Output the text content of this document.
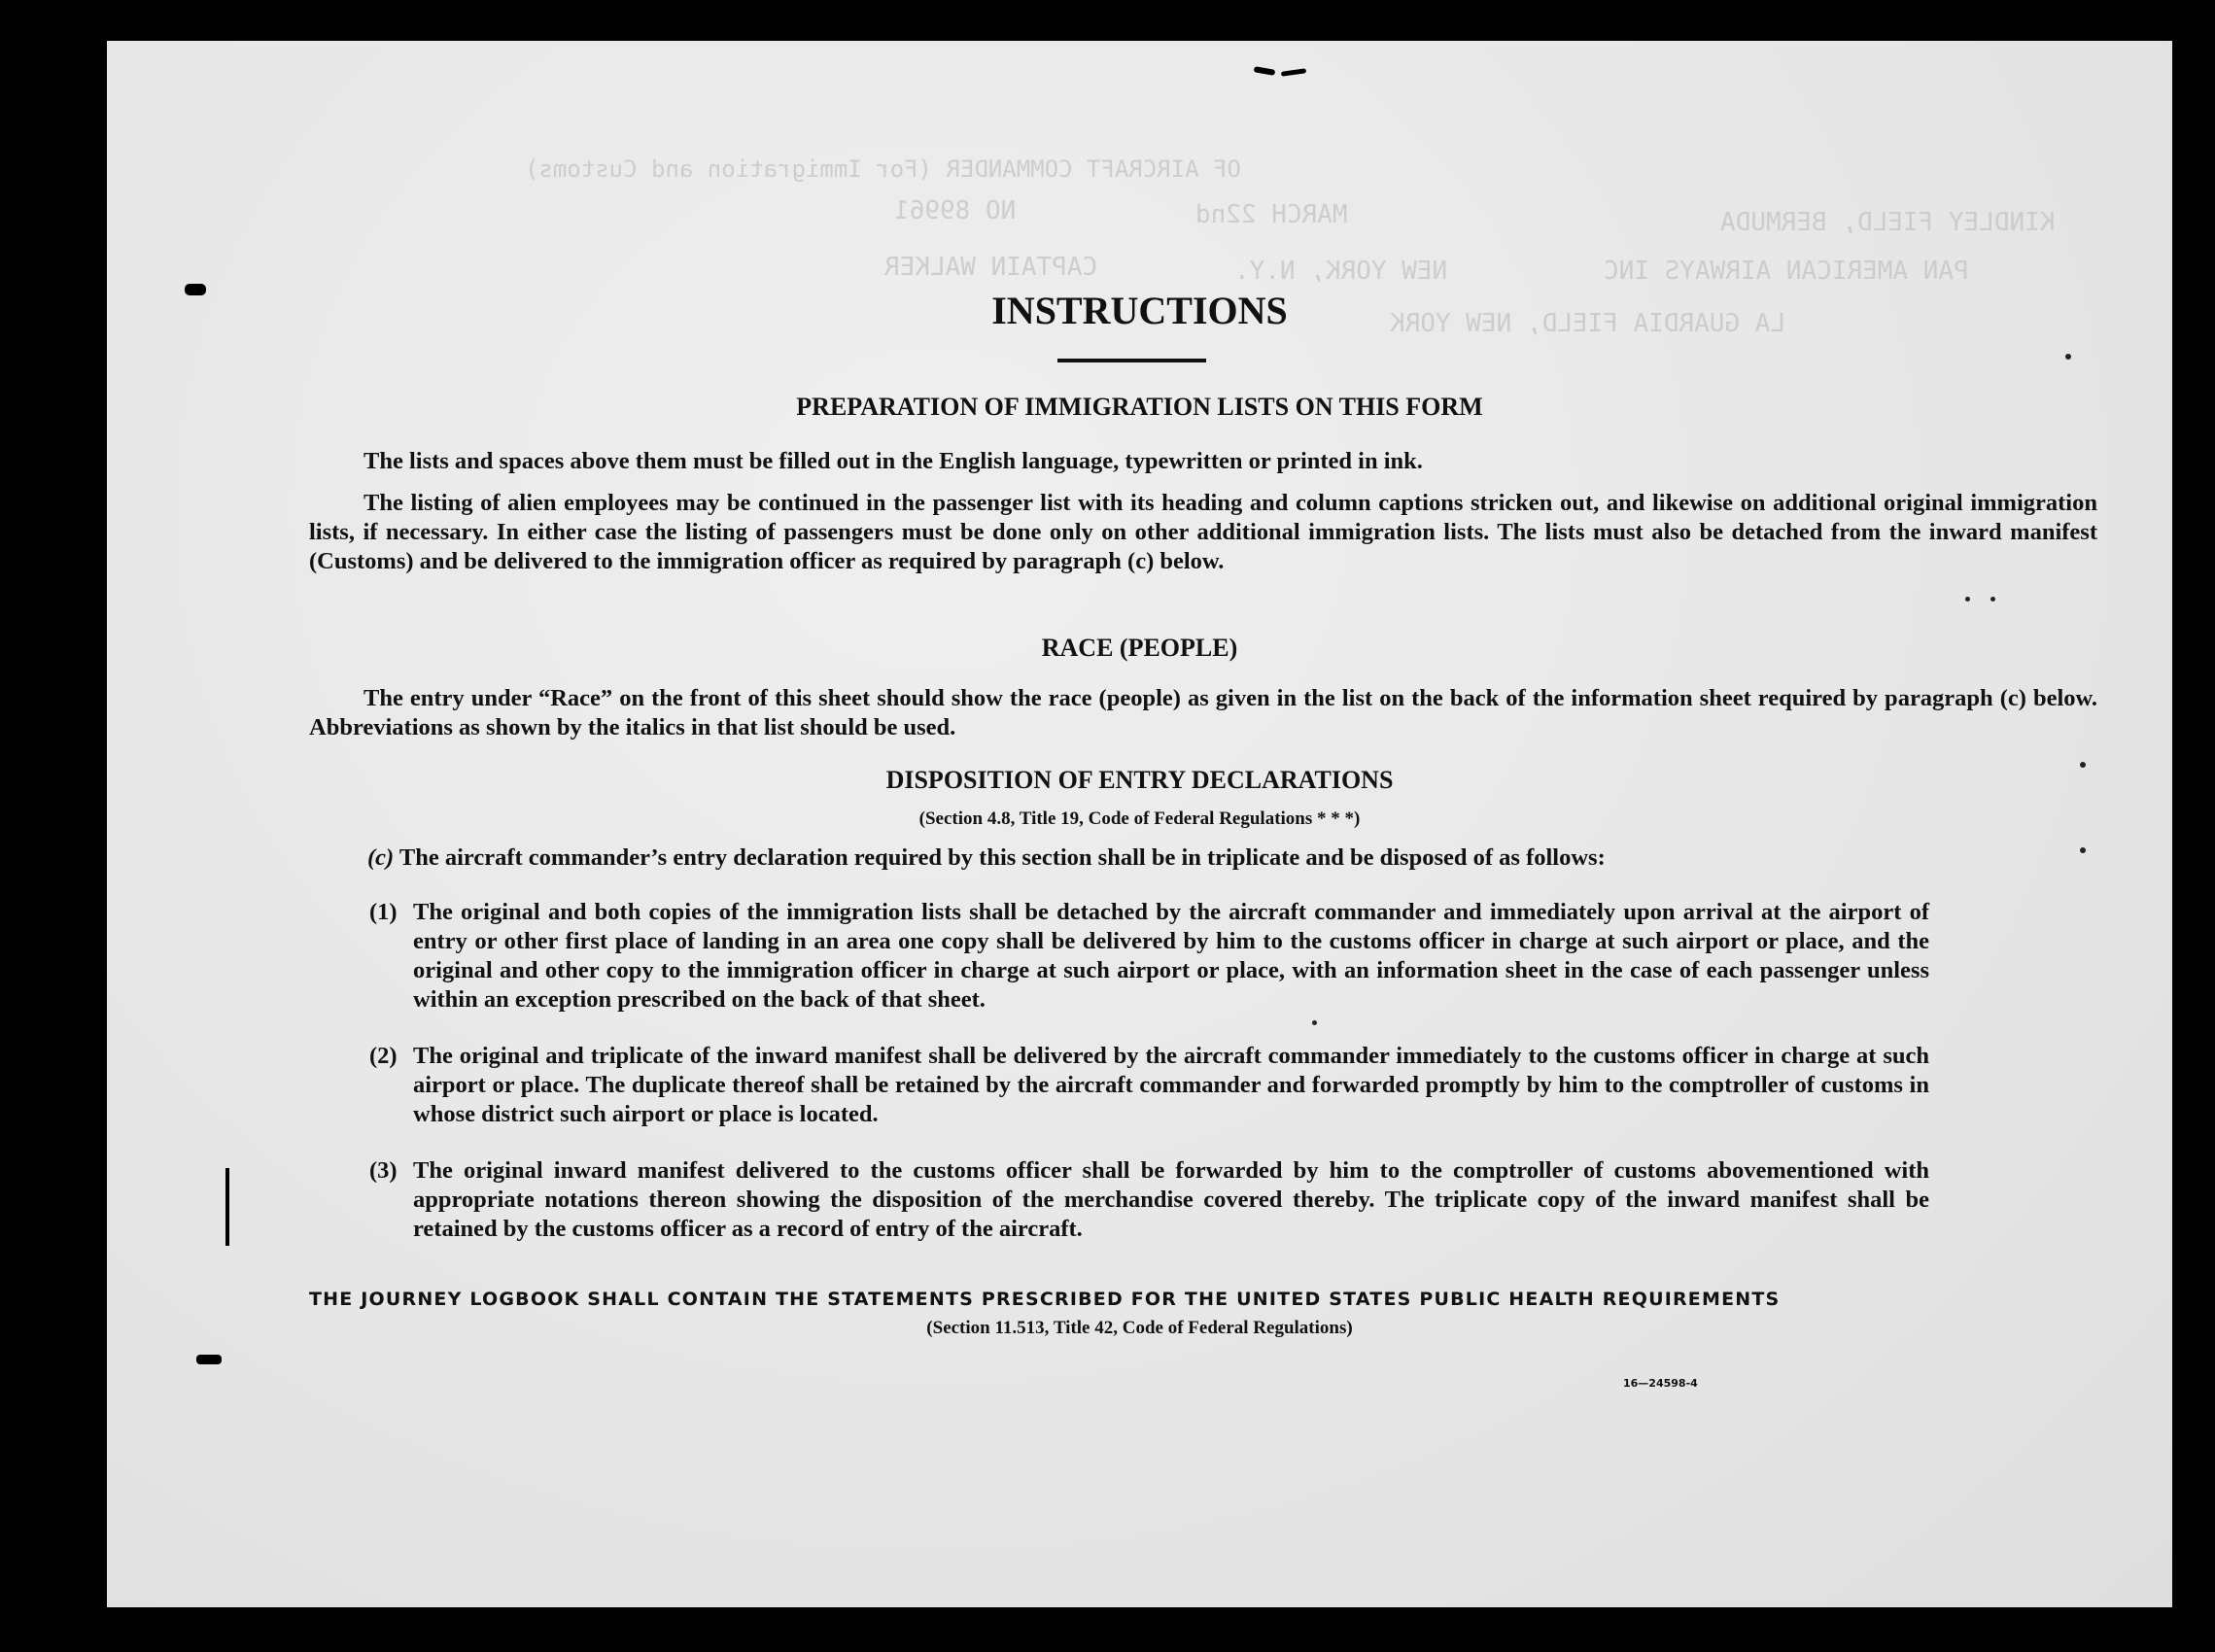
OF AIRCRAFT COMMANDER (For Immigration and Customs)
KINDLEY FIELD, BERMUDA
MARCH 22nd
NO 89961
PAN AMERICAN AIRWAYS INC
NEW YORK, N.Y.
CAPTAIN WALKER
LA GUARDIA FIELD, NEW YORK
INSTRUCTIONS
PREPARATION OF IMMIGRATION LISTS ON THIS FORM
The lists and spaces above them must be filled out in the English language, typewritten or printed in ink.
The listing of alien employees may be continued in the passenger list with its heading and column captions stricken out, and likewise on additional original immigration lists, if necessary. In either case the listing of passengers must be done only on other additional immigration lists. The lists must also be detached from the inward manifest (Customs) and be delivered to the immigration officer as required by paragraph (c) below.
RACE (PEOPLE)
The entry under “Race” on the front of this sheet should show the race (people) as given in the list on the back of the information sheet required by paragraph (c) below. Abbreviations as shown by the italics in that list should be used.
DISPOSITION OF ENTRY DECLARATIONS
(Section 4.8, Title 19, Code of Federal Regulations * * *)
(c) The aircraft commander’s entry declaration required by this section shall be in triplicate and be disposed of as follows:
(1) The original and both copies of the immigration lists shall be detached by the aircraft commander and immediately upon arrival at the airport of entry or other first place of landing in an area one copy shall be delivered by him to the customs officer in charge at such airport or place, and the original and other copy to the immigration officer in charge at such airport or place, with an information sheet in the case of each passenger unless within an exception prescribed on the back of that sheet.
(2) The original and triplicate of the inward manifest shall be delivered by the aircraft commander immediately to the customs officer in charge at such airport or place. The duplicate thereof shall be retained by the aircraft commander and forwarded promptly by him to the comptroller of customs in whose district such airport or place is located.
(3) The original inward manifest delivered to the customs officer shall be forwarded by him to the comptroller of customs abovementioned with appropriate notations thereon showing the disposition of the merchandise covered thereby. The triplicate copy of the inward manifest shall be retained by the customs officer as a record of entry of the aircraft.
THE JOURNEY LOGBOOK SHALL CONTAIN THE STATEMENTS PRESCRIBED FOR THE UNITED STATES PUBLIC HEALTH REQUIREMENTS
(Section 11.513, Title 42, Code of Federal Regulations)
16—24598-4
